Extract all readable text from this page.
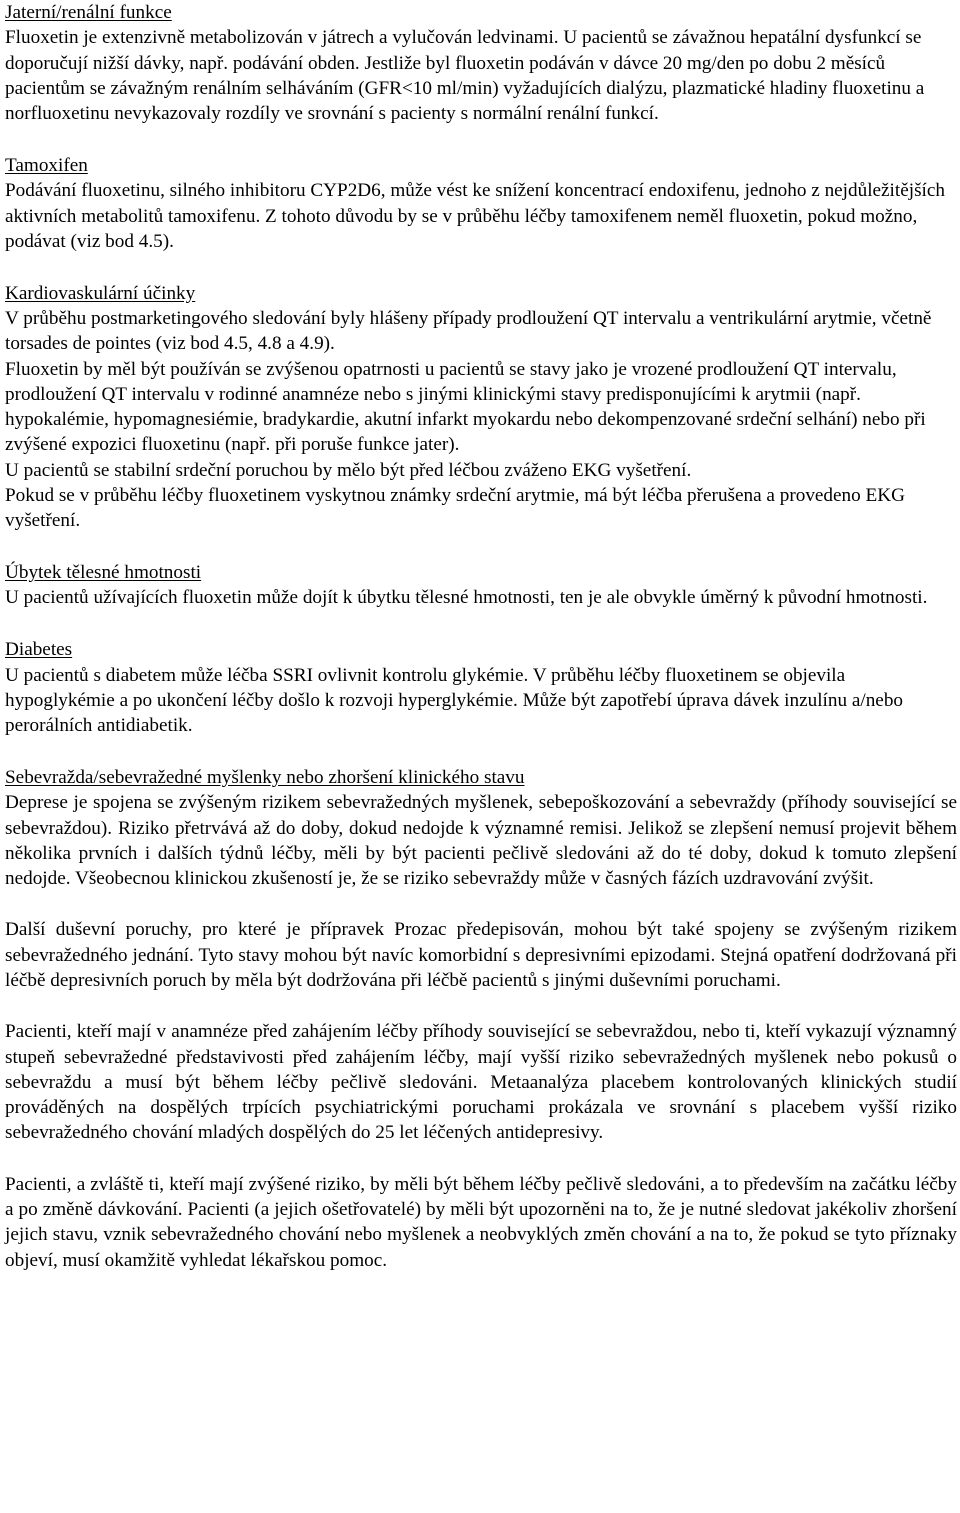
Jaterní/renální funkce

Fluoxetin je extenzivně metabolizován v játrech a vylučován ledvinami. U pacientů se závažnou hepatální dysfunkcí se doporučují nižší dávky, např. podávání obden. Jestliže byl fluoxetin podáván v dávce 20 mg/den po dobu 2 měsíců pacientům se závažným renálním selháváním (GFR<10 ml/min) vyžadujících dialýzu, plazmatické hladiny fluoxetinu a norfluoxetinu nevykazovaly rozdíly ve srovnání s pacienty s normální renální funkcí.

Tamoxifen

Podávání fluoxetinu, silného inhibitoru CYP2D6, může vést ke snížení koncentrací endoxifenu, jednoho z nejdůležitějších aktivních metabolitů tamoxifenu. Z tohoto důvodu by se v průběhu léčby tamoxifenem neměl fluoxetin, pokud možno, podávat (viz bod 4.5).

Kardiovaskulární účinky

V průběhu postmarketingového sledování byly hlášeny případy prodloužení QT intervalu a ventrikulární arytmie, včetně torsades de pointes (viz bod 4.5, 4.8 a 4.9).

Fluoxetin by měl být používán se zvýšenou opatrnosti u pacientů se stavy jako je vrozené prodloužení QT intervalu, prodloužení QT intervalu v rodinné anamnéze nebo s jinými klinickými stavy predisponujícími k arytmii (např. hypokalémie, hypomagnesiémie, bradykardie, akutní infarkt myokardu nebo dekompenzované srdeční selhání) nebo při zvýšené expozici fluoxetinu (např. při poruše funkce jater).

U pacientů se stabilní srdeční poruchou by mělo být před léčbou zváženo EKG vyšetření.

Pokud se v průběhu léčby fluoxetinem vyskytnou známky srdeční arytmie, má být léčba přerušena a provedeno EKG vyšetření.

Úbytek tělesné hmotnosti

U pacientů užívajících fluoxetin může dojít k úbytku tělesné hmotnosti, ten je ale obvykle úměrný k původní hmotnosti.

Diabetes

U pacientů s diabetem může léčba SSRI ovlivnit kontrolu glykémie. V průběhu léčby fluoxetinem se objevila hypoglykémie a po ukončení léčby došlo k rozvoji hyperglykémie. Může být zapotřebí úprava dávek inzulínu a/nebo perorálních antidiabetik.

Sebevražda/sebevražedné myšlenky nebo zhoršení klinického stavu

Deprese je spojena se zvýšeným rizikem sebevražedných myšlenek, sebepoškozování a sebevraždy (příhody související se sebevraždou). Riziko přetrvává až do doby, dokud nedojde k významné remisi. Jelikož se zlepšení nemusí projevit během několika prvních i dalších týdnů léčby, měli by být pacienti pečlivě sledováni až do té doby, dokud k tomuto zlepšení nedojde. Všeobecnou klinickou zkušeností je, že se riziko sebevraždy může v časných fázích uzdravování zvýšit.

Další duševní poruchy, pro které je přípravek Prozac předepisován, mohou být také spojeny se zvýšeným rizikem sebevražedného jednání. Tyto stavy mohou být navíc komorbidní s depresivními epizodami. Stejná opatření dodržovaná při léčbě depresivních poruch by měla být dodržována při léčbě pacientů s jinými duševními poruchami.

Pacienti, kteří mají v anamnéze před zahájením léčby příhody související se sebevraždou, nebo ti, kteří vykazují významný stupeň sebevražedné představivosti před zahájením léčby, mají vyšší riziko sebevražedných myšlenek nebo pokusů o sebevraždu a musí být během léčby pečlivě sledováni. Metaanalýza placebem kontrolovaných klinických studií prováděných na dospělých trpících psychiatrickými poruchami prokázala ve srovnání s placebem vyšší riziko sebevražedného chování mladých dospělých do 25 let léčených antidepresivy.

Pacienti, a zvláště ti, kteří mají zvýšené riziko, by měli být během léčby pečlivě sledováni, a to především na začátku léčby a po změně dávkování. Pacienti (a jejich ošetřovatelé) by měli být upozorněni na to, že je nutné sledovat jakékoliv zhoršení jejich stavu, vznik sebevražedného chování nebo myšlenek a neobvyklých změn chování a na to, že pokud se tyto příznaky objeví, musí okamžitě vyhledat lékařskou pomoc.
